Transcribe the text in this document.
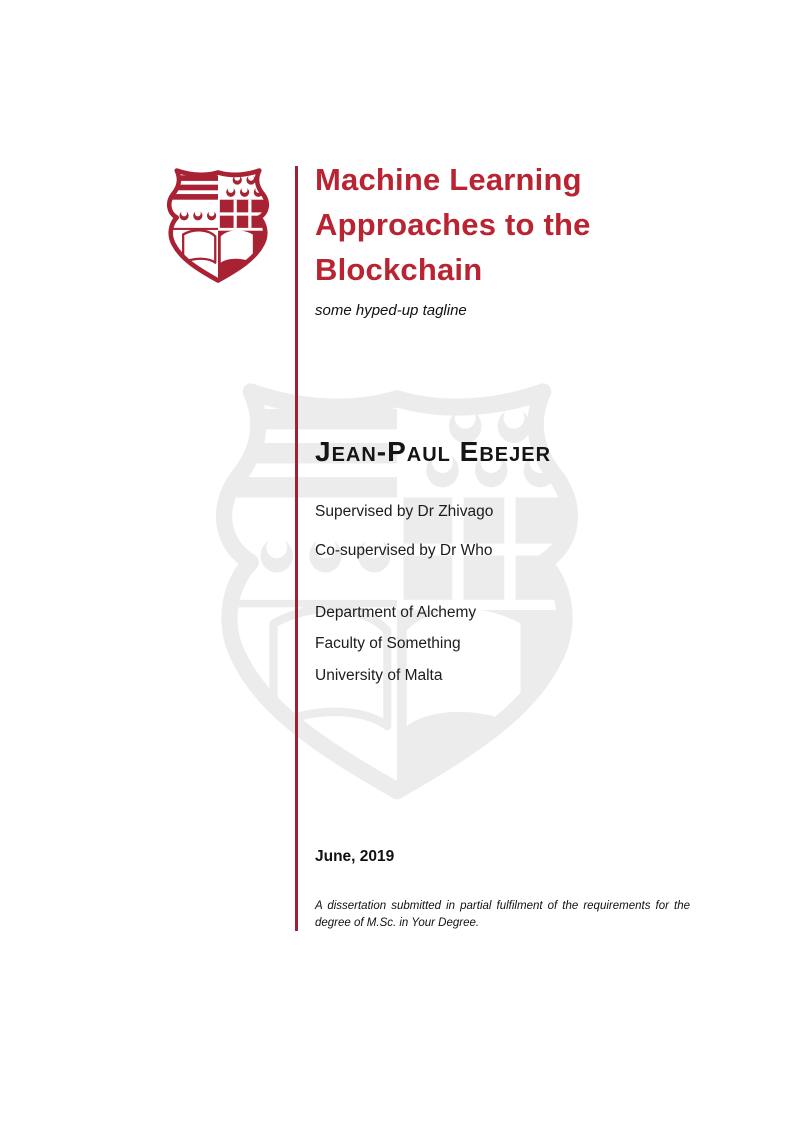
Machine Learning
Approaches to the
Blockchain
some hyped-up tagline
Jean-Paul Ebejer
Supervised by Dr Zhivago
Co-supervised by Dr Who
Department of Alchemy
Faculty of Something
University of Malta
June, 2019
A dissertation submitted in partial fulfilment of the requirements for the degree of M.Sc. in Your Degree.
